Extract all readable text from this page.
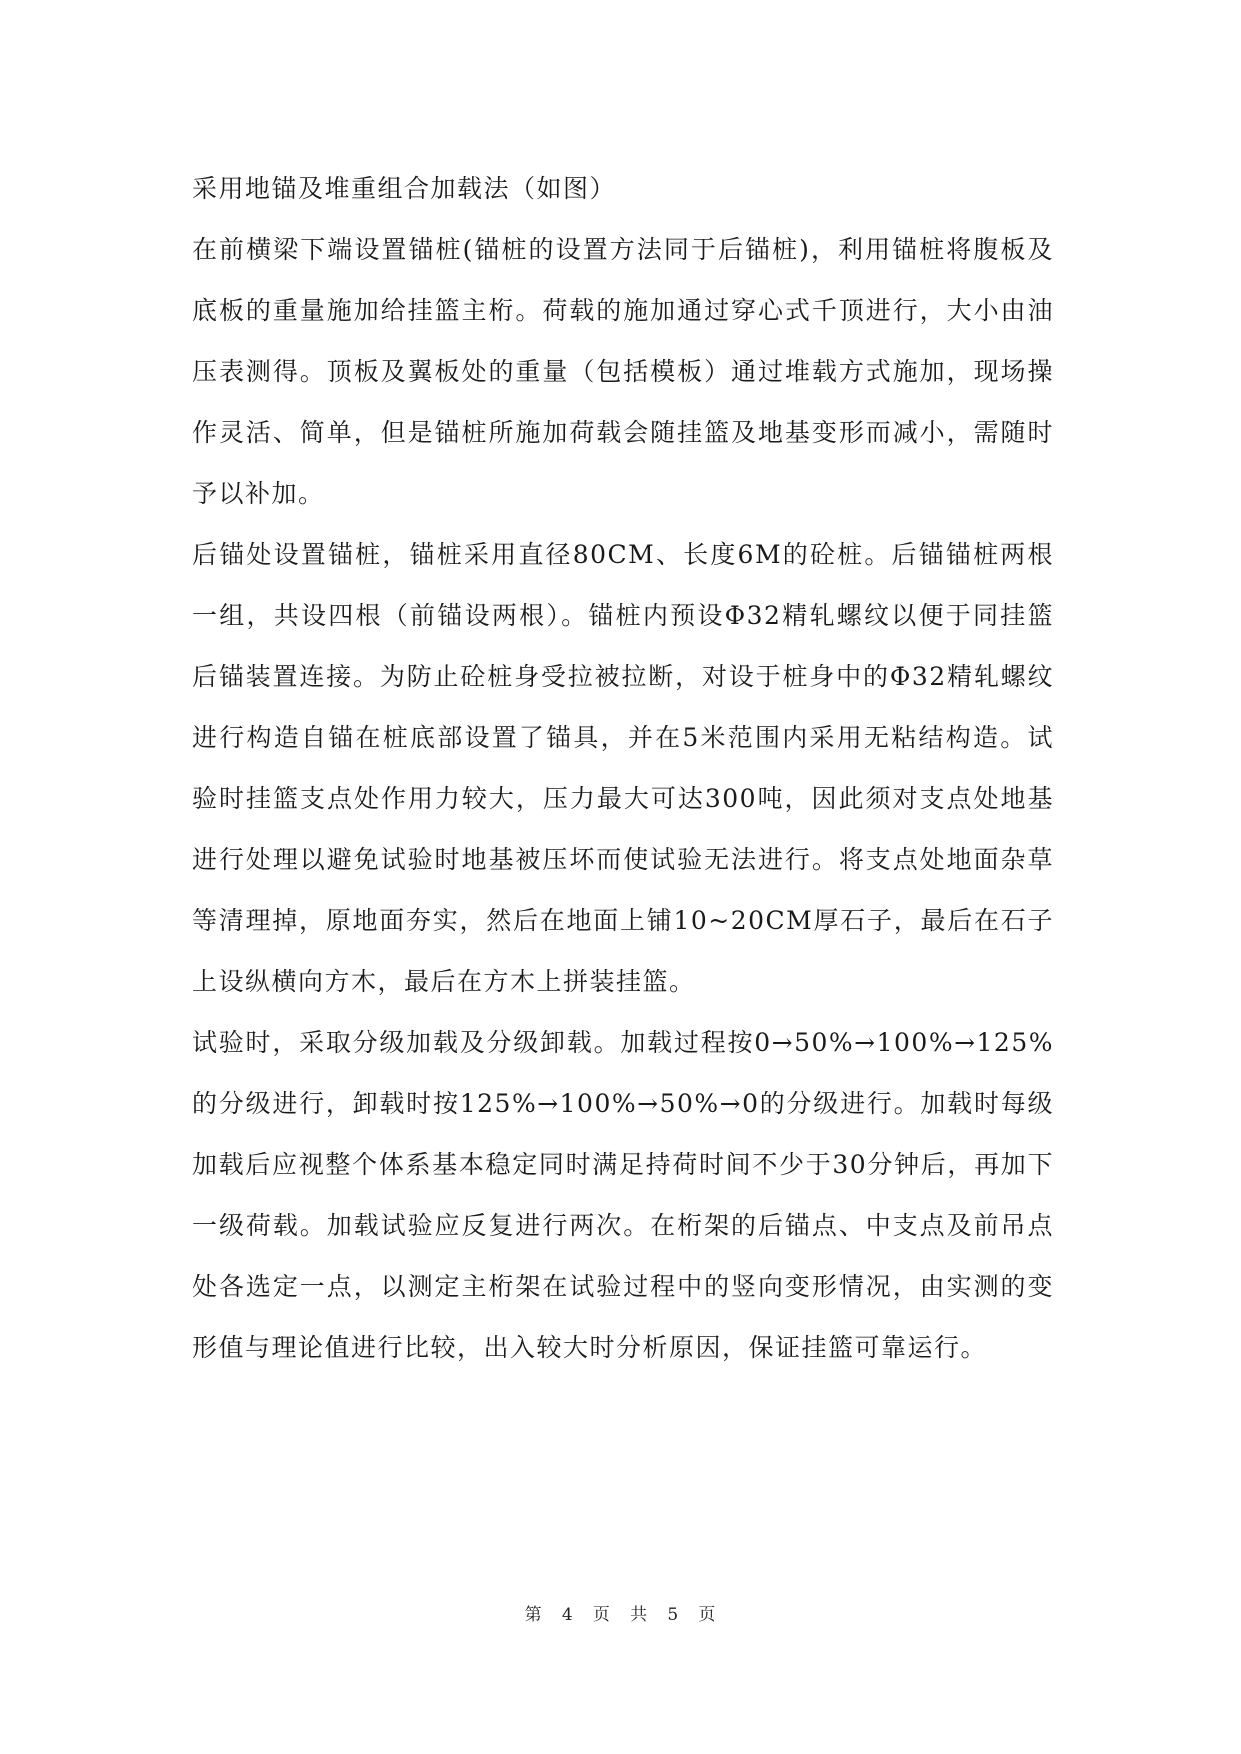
采用地锚及堆重组合加载法（如图）

在前横梁下端设置锚桩(锚桩的设置方法同于后锚桩)，利用锚桩将腹板及底板的重量施加给挂篮主桁。荷载的施加通过穿心式千顶进行，大小由油压表测得。顶板及翼板处的重量（包括模板）通过堆载方式施加，现场操作灵活、简单，但是锚桩所施加荷载会随挂篮及地基变形而减小，需随时予以补加。

后锚处设置锚桩，锚桩采用直径80CM、长度6M的砼桩。后锚锚桩两根一组，共设四根（前锚设两根）。锚桩内预设Φ32精轧螺纹以便于同挂篮后锚装置连接。为防止砼桩身受拉被拉断，对设于桩身中的Φ32精轧螺纹进行构造自锚在桩底部设置了锚具，并在5米范围内采用无粘结构造。试验时挂篮支点处作用力较大，压力最大可达300吨，因此须对支点处地基进行处理以避免试验时地基被压坏而使试验无法进行。将支点处地面杂草等清理掉，原地面夯实，然后在地面上铺10~20CM厚石子，最后在石子上设纵横向方木，最后在方木上拼装挂篮。

试验时，采取分级加载及分级卸载。加载过程按0→50%→100%→125%的分级进行，卸载时按125%→100%→50%→0的分级进行。加载时每级加载后应视整个体系基本稳定同时满足持荷时间不少于30分钟后，再加下一级荷载。加载试验应反复进行两次。在桁架的后锚点、中支点及前吊点处各选定一点，以测定主桁架在试验过程中的竖向变形情况，由实测的变形值与理论值进行比较，出入较大时分析原因，保证挂篮可靠运行。

第 4 页 共 5 页
